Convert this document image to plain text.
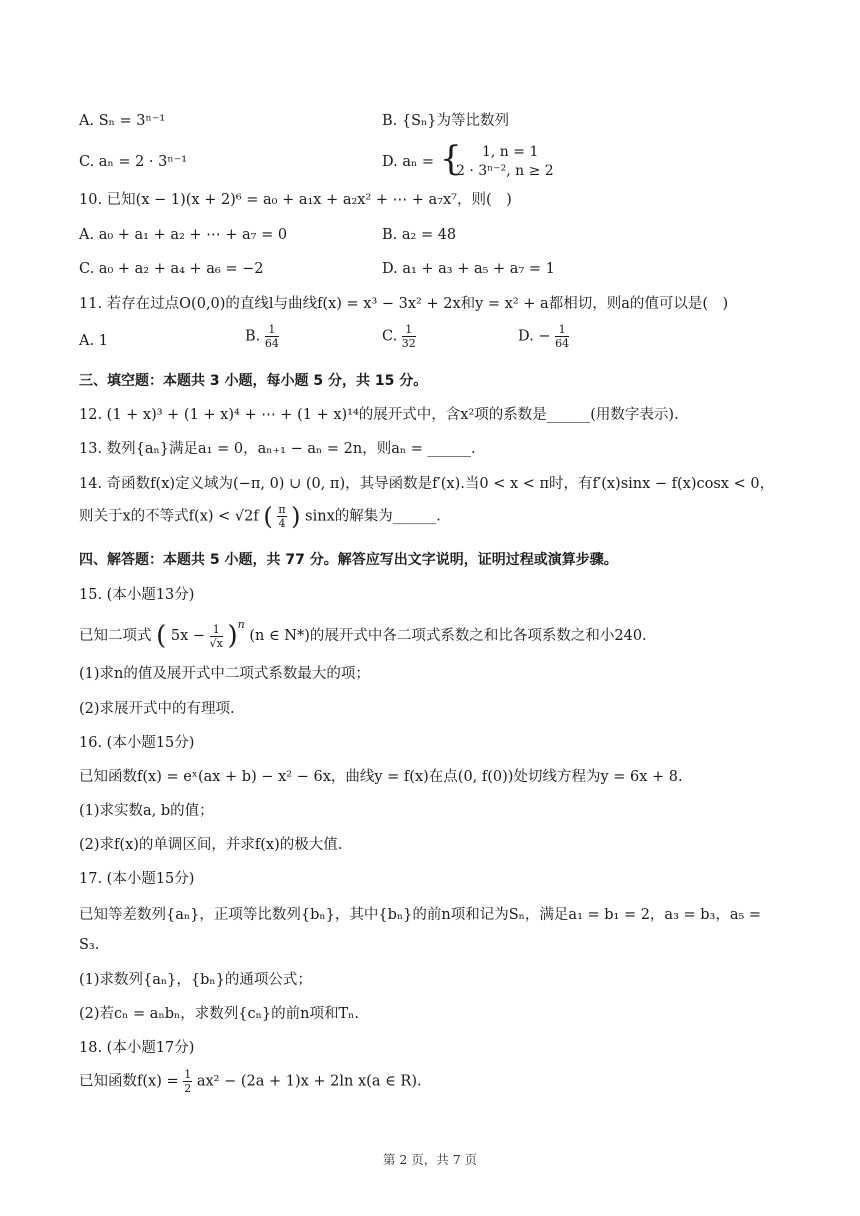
A. Sₙ = 3ⁿ⁻¹	B. {Sₙ}为等比数列
C. aₙ = 2 · 3ⁿ⁻¹	D. aₙ = { 1, n = 1
2 · 3ⁿ⁻², n ≥ 2
10. 已知(x − 1)(x + 2)⁶ = a₀ + a₁x + a₂x² + ⋯ + a₇x⁷，则(　)
A. a₀ + a₁ + a₂ + ⋯ + a₇ = 0	B. a₂ = 48
C. a₀ + a₂ + a₄ + a₆ = −2	D. a₁ + a₃ + a₅ + a₇ = 1
11. 若存在过点O(0,0)的直线l与曲线f(x) = x³ − 3x² + 2x和y = x² + a都相切，则a的值可以是(　)
A. 1	B. $\frac{1}{64}$	C. $\frac{1}{32}$	D. − $\frac{1}{64}$
三、填空题：本题共 3 小题，每小题 5 分，共 15 分。
12. (1 + x)³ + (1 + x)⁴ + ⋯ + (1 + x)¹⁴的展开式中，含x²项的系数是______(用数字表示).
13. 数列{aₙ}满足a₁ = 0，aₙ₊₁ − aₙ = 2n，则aₙ = ______.
14. 奇函数f(x)定义域为(−π, 0) ∪ (0, π)，其导函数是f′(x).当0 < x < π时，有f′(x)sinx − f(x)cosx < 0，
则关于x的不等式f(x) < √2f ( $\frac{\pi}{4}$ ) sinx的解集为______.
四、解答题：本题共 5 小题，共 77 分。解答应写出文字说明，证明过程或演算步骤。
15. (本小题13分)
已知二项式 ( $5x - \frac{1}{√x} )^n$ (n ∈ N*)的展开式中各二项式系数之和比各项系数之和小240.
(1)求n的值及展开式中二项式系数最大的项；
(2)求展开式中的有理项.
16. (本小题15分)
已知函数f(x) = eˣ(ax + b) − x² − 6x，曲线y = f(x)在点(0, f(0))处切线方程为y = 6x + 8.
(1)求实数a, b的值；
(2)求f(x)的单调区间，并求f(x)的极大值.
17. (本小题15分)
已知等差数列{aₙ}，正项等比数列{bₙ}，其中{bₙ}的前n项和记为Sₙ，满足a₁ = b₁ = 2，a₃ = b₃，a₅ =
S₃.
(1)求数列{aₙ}，{bₙ}的通项公式；
(2)若cₙ = aₙbₙ，求数列{cₙ}的前n项和Tₙ.
18. (本小题17分)
已知函数$f(x) = \frac{1}{2} ax^2 - (2a + 1)x + 2\ln$ x(a ∈ R).
第 2 页，共 7 页
